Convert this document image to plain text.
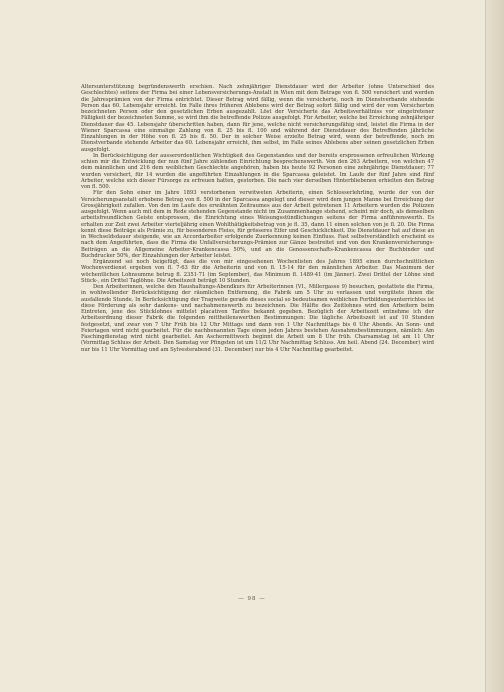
Altersunterstützung begründenswerth erschien. Nach zehnjähriger Dienstdauer wird der Arbeiter (ohne Unterschied des Geschlechtes) seitens der Firma bei einer Lebensversicherungs-Anstalt in Wien mit dem Betrage von fl. 500 versichert und werden die Jahresprämien von der Firma entrichtet. Dieser Betrag wird fällig, wenn die versicherte, noch im Dienstverbande stehende Person das 60. Lebensjahr erreicht. Im Falle ihres früheren Ablebens wird der Betrag sofort fällig und wird der vom Versicherten bezeichneten Person oder den gesetzlichen Erben ausgezahlt. Löst der Versicherte das Arbeitsverhältniss vor eingetretener Fälligkeit der bezeichneten Summe, so wird ihm die betreffende Polizze ausgefolgt. Für Arbeiter, welche bei Erreichung zehnjähriger Dienstdauer das 45. Lebensjahr überschritten haben, dann für jene, welche nicht versicherungsfähig sind, leistet die Firma in der Wiener Sparcassa eine einmalige Zahlung von fl. 25 bis fl. 100 und während der Dienstdauer des Betreffenden jährliche Einzahlungen in der Höhe von fl. 25 bis fl. 50. Der in solcher Weise erzielte Betrag wird, wenn der betreffende, noch im Dienstverbande stehende Arbeiter das 60. Lebensjahr erreicht, ihm selbst, im Falle seines Ablebens aber seinen gesetzlichen Erben ausgefolgt.

In Berücksichtigung der ausserordentlichen Wichtigkeit des Gegenstandes und der bereits ersprossenen erfreulichen Wirkung schien mir die Entwicklung der nun fünf Jahre zählenden Einrichtung besprechenswerth. Von den 263 Arbeitern, von welchen 47 dem männlichen und 216 dem weiblichen Geschlechte angehören, haben bis heute 92 Personen eine zehnjährige Dienstdauer; 77 wurden versichert, für 14 wurden die angeführten Einzahlungen in die Sparcassa geleistet. Im Laufe der fünf Jahre sind fünf Arbeiter, welche sich dieser Fürsorge zu erfreuen hatten, gestorben. Die nach vier derselben Hinterbliebenen erhielten den Betrag von fl. 500.

Für den Sohn einer im Jahre 1893 verstorbenen verwitweten Arbeiterin, einen Schlosserlehrling, wurde der von der Versicherungsanstalt erhobene Betrag von fl. 500 in der Sparcassa angelegt und dieser wird dem jungen Manne bei Erreichung der Grossjährigkeit zufallen. Von den im Laufe des erwähnten Zeitraumes aus der Arbeit getretenen 11 Arbeitern wurden die Polizzen ausgefolgt. Wenn auch mit dem in Rede stehenden Gegenstande nicht im Zusammenhange stehend, scheint mir doch, als demselben arbeitsfreundlichen Geiste entsprossen, die Einrichtung eines Weisungsstündlichungen seitens der Firma anführenswerth. Es erhalten zur Zeit zwei Arbeiter vierteljährig einen Wohlthätigkeitsbetrag von je fl. 35, dann 11 einen solchen von je fl. 20. Die Firma kennt diese Beiträge als Prämie zu, für besonderen Fleiss, für grösseres Eifer und Geschicklichkeit. Die Dienstdauer hat auf diese an in Wechseldsdauer steigende, wie an Accordarbeiter erfolgende Zuerkennung keinen Einfluss. Fast selbstverständlich erscheint es nach dem Angeführten, dass die Firma die Unfallversicherungs-Prämien zur Gänze bestreitet und von den Krankenversicherungs-Beiträgen an die Allgemeine Arbeiter-Krankencassa 50%, und an die Genossenschafts-Krankencassa der Buchbinder und Buchdrucker 50%, der Einzahlungen der Arbeiter leistet.

Ergänzend sei noch beigefügt, dass die von mir eingesehenen Wochenlisten des Jahres 1895 einen durchschnittlichen Wochenverdienst ergeben von fl. 7·63 für die Arbeiterin und von fl. 15·14 für den männlichen Arbeiter. Das Maximum der wöchentlichen Lohnsumme betrug fl. 2351·71 (im September), das Minimum fl. 1489·41 (im Jänner). Zwei Drittel der Löhne sind Stück-, ein Drittel Taglöhne. Die Arbeitszeit beträgt 10 Stunden.

Den Arbeiterinnen, welche den Haushaltungs-Abendkurs für Arbeiterinnen (VI., Millergasse 9) besuchen, gestattete die Firma, in wohlwollender Berücksichtigung der räumlichen Entfernung, die Fabrik um 5 Uhr zu verlassen und vergütete ihnen die ausfallende Stunde. In Berücksichtigung der Tragweite gerade dieses social so bedeutsamen weiblichen Fortbildungsunterrichtes ist diese Förderung als sehr dankens- und nachahmenswerth zu bezeichnen. Die Hälfte des Zeitlohnes wird den Arbeitern beim Eintreten, jene des Stücklohnes mittelst placativen Tarifes bekannt gegeben. Bezüglich der Arbeitszeit entnehme ich der Arbeitsordnung dieser Fabrik die folgenden mittheilenswerthen Bestimmungen: Die tägliche Arbeitszeit ist auf 10 Stunden festgesetzt, und zwar von 7 Uhr Früh bis 12 Uhr Mittags und dann von 1 Uhr Nachmittags bis 6 Uhr Abends. An Sonn- und Feiertagen wird nicht gearbeitet. Für die nachbenannten Tage einen jeden Jahres bestehen Ausnahmsbestimmungen, nämlich: Am Faschingdienstag wird nicht gearbeitet. Am Aschermittwoch beginnt die Arbeit um 8 Uhr früh. Charsamstag ist am 11 Uhr (Vormittag Schluss der Arbeit. Den Samstag vor Pfingsten ist um 11/2 Uhr Nachmittag Schluss. Am heil. Abend (24. December) wird nur bis 11 Uhr Vormittag und am Sylvesterabend (31. December) nur bis 4 Uhr Nachmittag gearbeitet.

— 98 —
